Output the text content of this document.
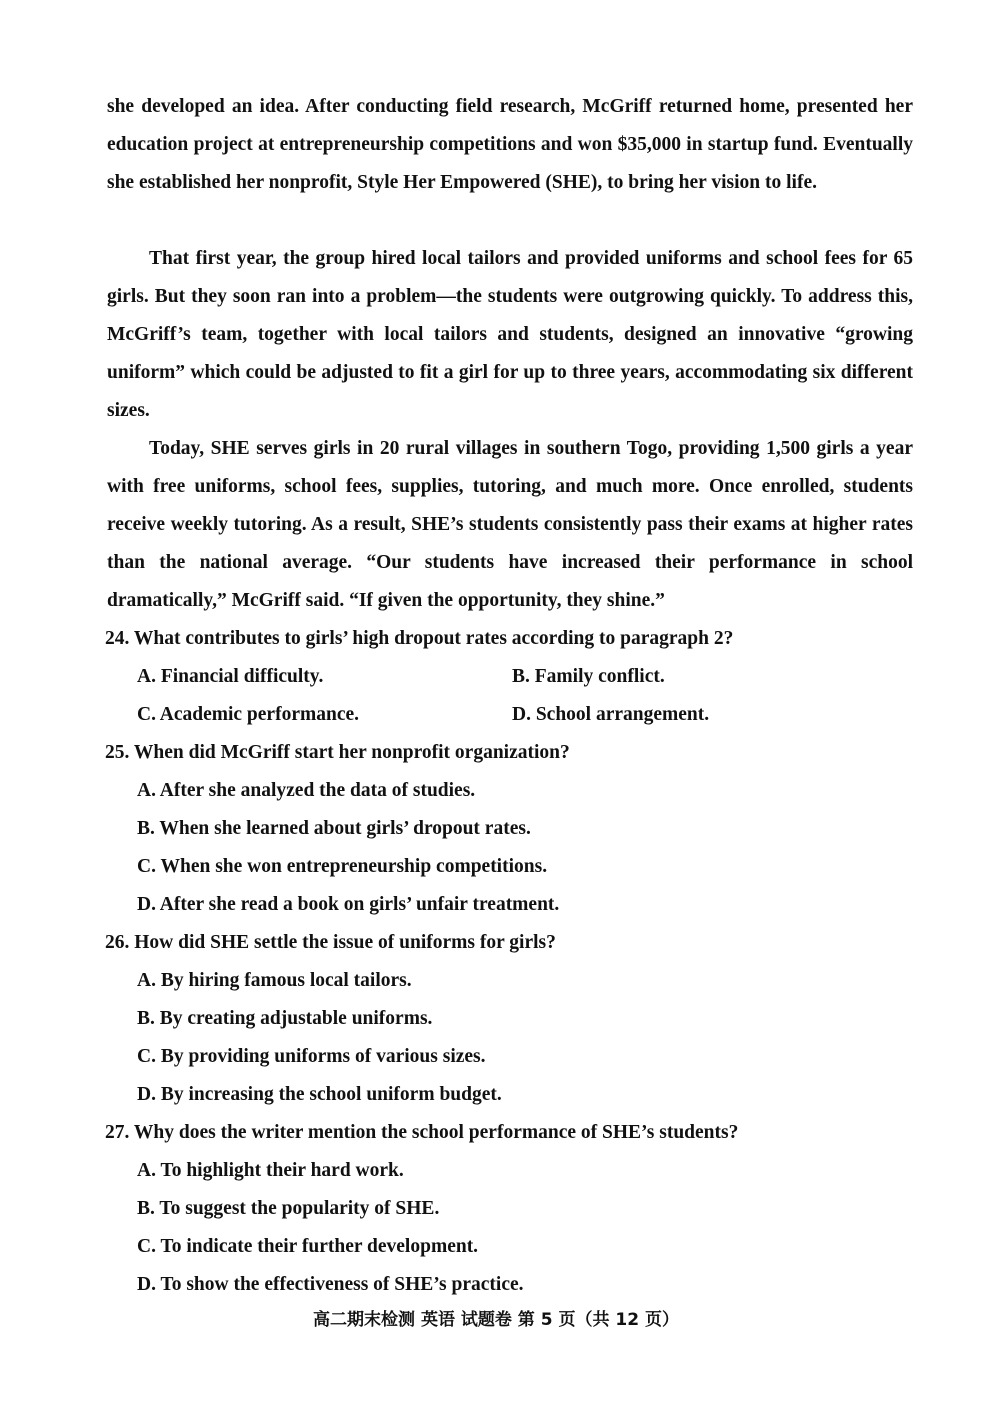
she developed an idea. After conducting field research, McGriff returned home, presented her education project at entrepreneurship competitions and won $35,000 in startup fund. Eventually she established her nonprofit, Style Her Empowered (SHE), to bring her vision to life.

That first year, the group hired local tailors and provided uniforms and school fees for 65 girls. But they soon ran into a problem—the students were outgrowing quickly. To address this, McGriff’s team, together with local tailors and students, designed an innovative “growing uniform” which could be adjusted to fit a girl for up to three years, accommodating six different sizes.

Today, SHE serves girls in 20 rural villages in southern Togo, providing 1,500 girls a year with free uniforms, school fees, supplies, tutoring, and much more. Once enrolled, students receive weekly tutoring. As a result, SHE’s students consistently pass their exams at higher rates than the national average. “Our students have increased their performance in school dramatically,” McGriff said. “If given the opportunity, they shine.”

24. What contributes to girls’ high dropout rates according to paragraph 2?
A. Financial difficulty.	B. Family conflict.
C. Academic performance.	D. School arrangement.
25. When did McGriff start her nonprofit organization?
A. After she analyzed the data of studies.
B. When she learned about girls’ dropout rates.
C. When she won entrepreneurship competitions.
D. After she read a book on girls’ unfair treatment.
26. How did SHE settle the issue of uniforms for girls?
A. By hiring famous local tailors.
B. By creating adjustable uniforms.
C. By providing uniforms of various sizes.
D. By increasing the school uniform budget.
27. Why does the writer mention the school performance of SHE’s students?
A. To highlight their hard work.
B. To suggest the popularity of SHE.
C. To indicate their further development.
D. To show the effectiveness of SHE’s practice.
高二期末检测 英语 试题卷 第 5 页（共 12 页）
